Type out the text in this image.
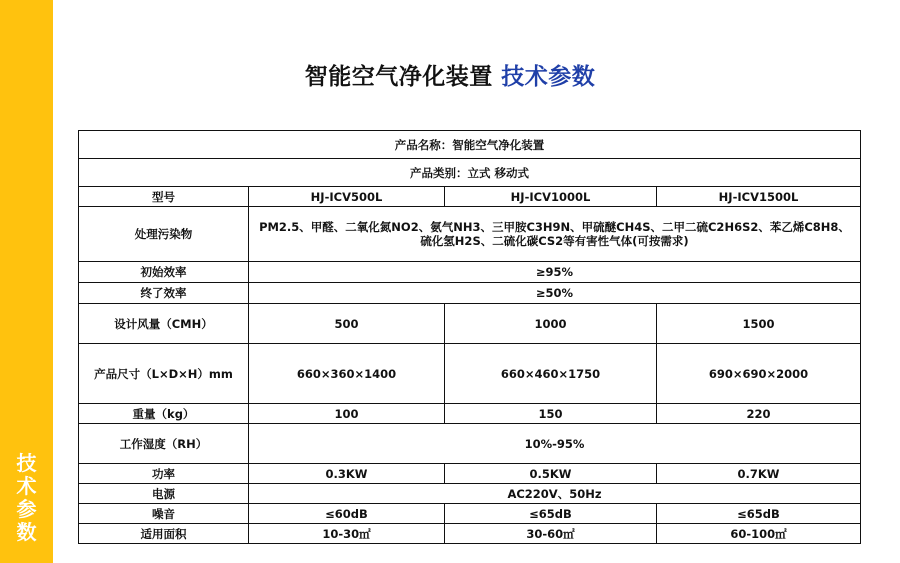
技
术
参
数
智能空气净化装置 技术参数
产品名称：智能空气净化装置			
产品类别：立式 移动式			
型号	HJ-ICV500L	HJ-ICV1000L	HJ-ICV1500L
处理污染物	PM2.5、甲醛、二氧化氮NO2、氨气NH3、三甲胺C3H9N、甲硫醚CH4S、二甲二硫C2H6S2、苯乙烯C8H8、硫化氢H2S、二硫化碳CS2等有害性气体(可按需求)		
初始效率	≥95%		
终了效率	≥50%		
设计风量（CMH）	500	1000	1500
产品尺寸（L×D×H）mm	660×360×1400	660×460×1750	690×690×2000
重量（kg）	100	150	220
工作湿度（RH）	10%-95%		
功率	0.3KW	0.5KW	0.7KW
电源	AC220V、50Hz		
噪音	≤60dB	≤65dB	≤65dB
适用面积	10-30㎡	30-60㎡	60-100㎡
